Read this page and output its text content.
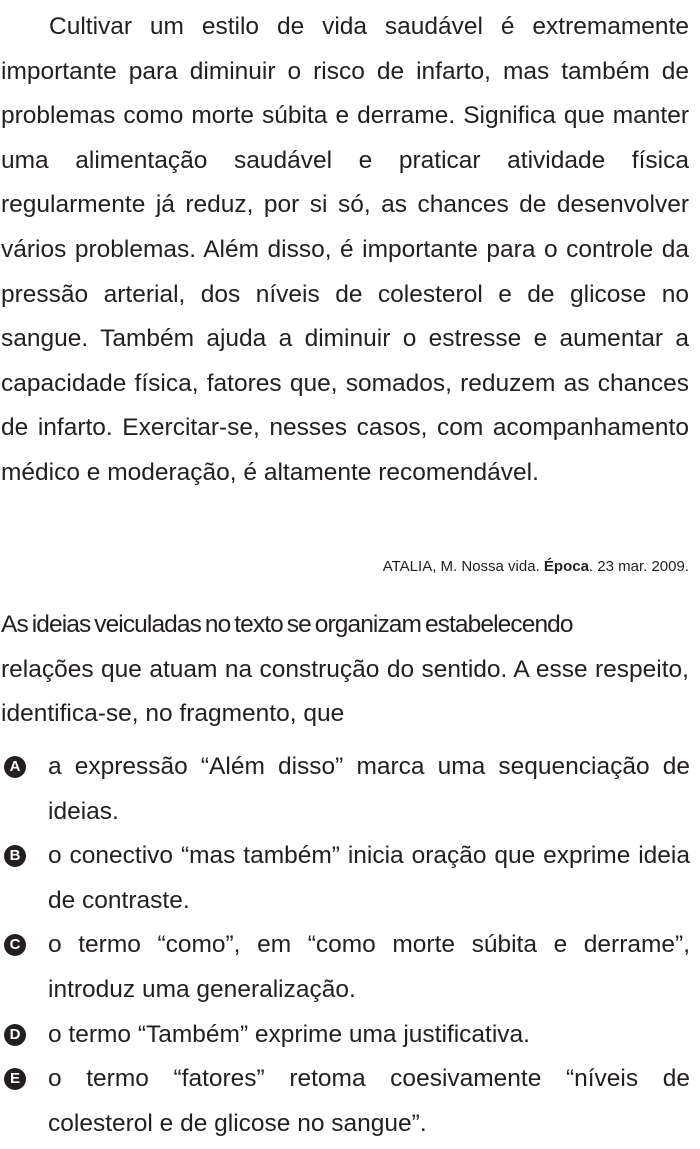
Cultivar um estilo de vida saudável é extremamente importante para diminuir o risco de infarto, mas também de problemas como morte súbita e derrame. Significa que manter uma alimentação saudável e praticar atividade física regularmente já reduz, por si só, as chances de desenvolver vários problemas. Além disso, é importante para o controle da pressão arterial, dos níveis de colesterol e de glicose no sangue. Também ajuda a diminuir o estresse e aumentar a capacidade física, fatores que, somados, reduzem as chances de infarto. Exercitar-se, nesses casos, com acompanhamento médico e moderação, é altamente recomendável.

ATALIA, M. Nossa vida. Época. 23 mar. 2009.

As ideias veiculadas no texto se organizam estabelecendo
relações que atuam na construção do sentido. A esse respeito, identifica-se, no fragmento, que

A a expressão “Além disso” marca uma sequenciação de ideias.
B o conectivo “mas também” inicia oração que exprime ideia de contraste.
C o termo “como”, em “como morte súbita e derrame”, introduz uma generalização.
D o termo “Também” exprime uma justificativa.
E o termo “fatores” retoma coesivamente “níveis de colesterol e de glicose no sangue”.
